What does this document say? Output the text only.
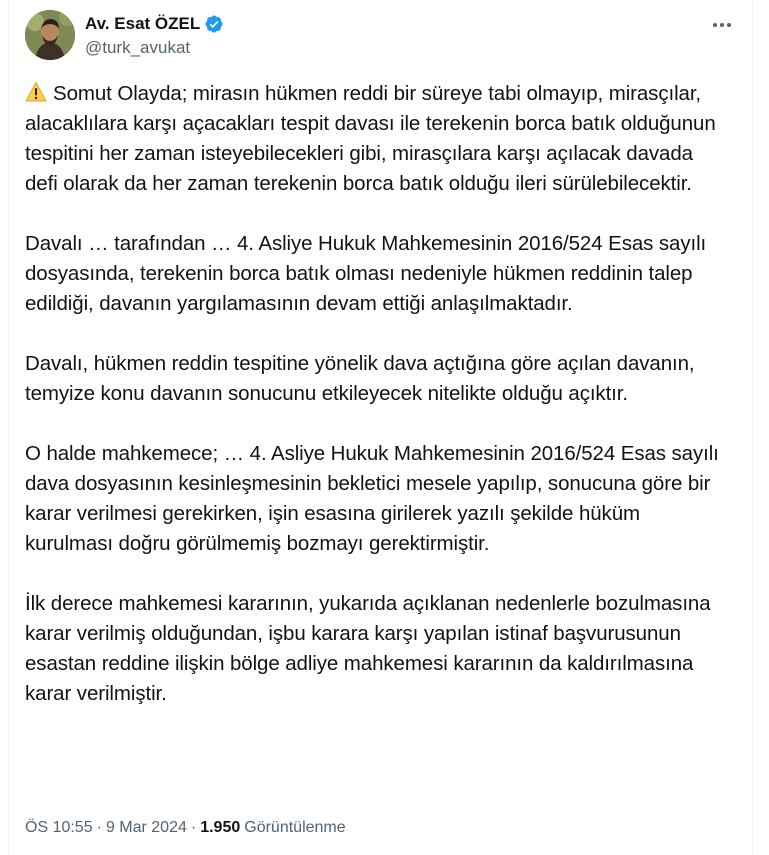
Av. Esat ÖZEL
@turk_avukat

Somut Olayda; mirasın hükmen reddi bir süreye tabi olmayıp, mirasçılar, alacaklılara karşı açacakları tespit davası ile terekenin borca batık olduğunun tespitini her zaman isteyebilecekleri gibi, mirasçılara karşı açılacak davada defi olarak da her zaman terekenin borca batık olduğu ileri sürülebilecektir.

Davalı … tarafından … 4. Asliye Hukuk Mahkemesinin 2016/524 Esas sayılı dosyasında, terekenin borca batık olması nedeniyle hükmen reddinin talep edildiği, davanın yargılamasının devam ettiği anlaşılmaktadır.

Davalı, hükmen reddin tespitine yönelik dava açtığına göre açılan davanın, temyize konu davanın sonucunu etkileyecek nitelikte olduğu açıktır.

O halde mahkemece; … 4. Asliye Hukuk Mahkemesinin 2016/524 Esas sayılı dava dosyasının kesinleşmesinin bekletici mesele yapılıp, sonucuna göre bir karar verilmesi gerekirken, işin esasına girilerek yazılı şekilde hüküm kurulması doğru görülmemiş bozmayı gerektirmiştir.

İlk derece mahkemesi kararının, yukarıda açıklanan nedenlerle bozulmasına karar verilmiş olduğundan, işbu karara karşı yapılan istinaf başvurusunun esastan reddine ilişkin bölge adliye mahkemesi kararının da kaldırılmasına karar verilmiştir.

ÖS 10:55 · 9 Mar 2024 · 1.950 Görüntülenme
